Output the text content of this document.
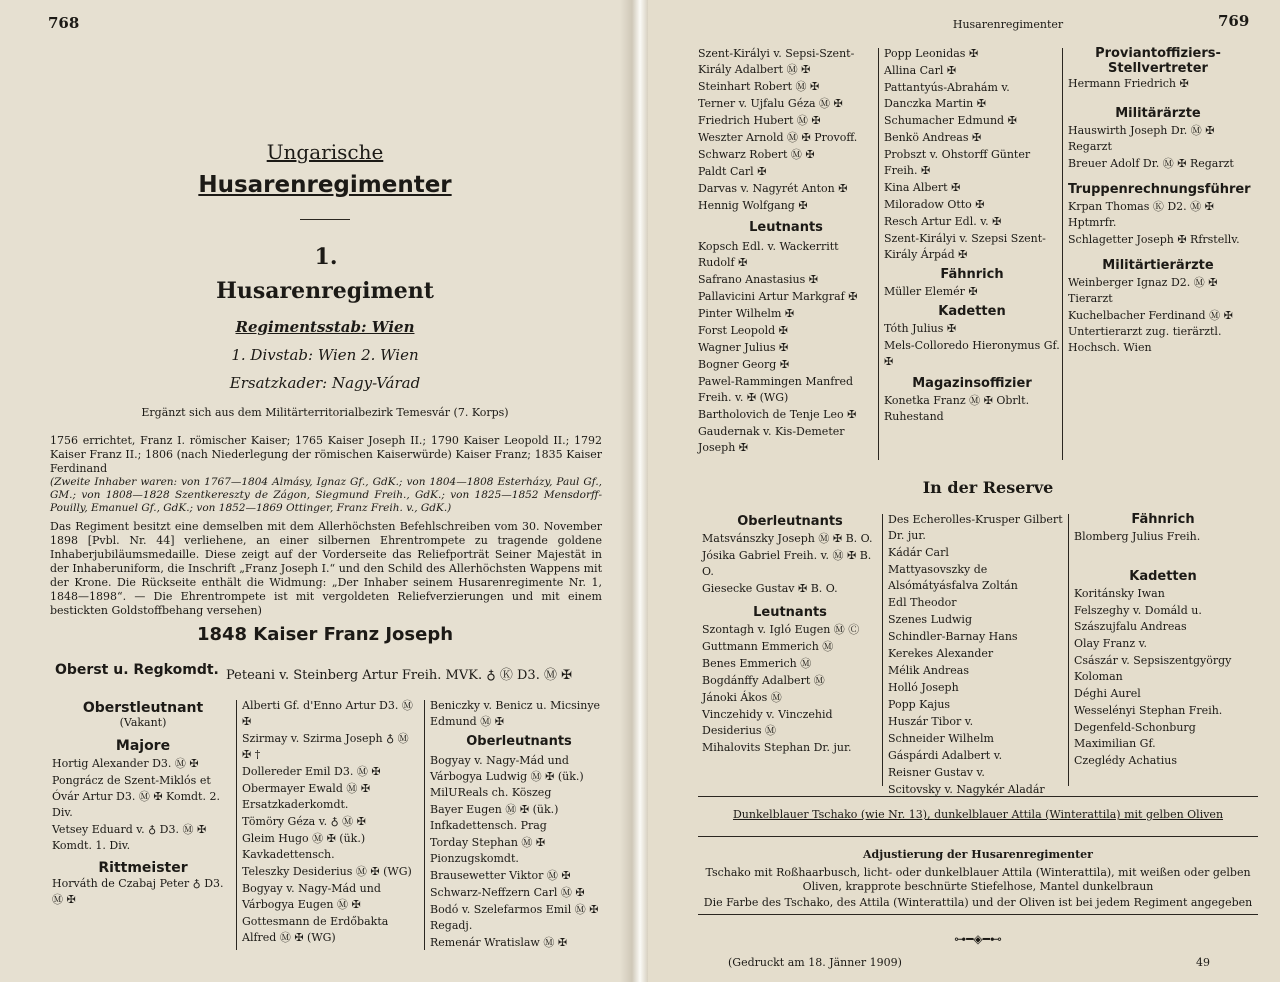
768
Ungarische
Husarenregimenter
1.
Husarenregiment
Regimentsstab: Wien
1. Divstab: Wien 2. Wien
Ersatzkader: Nagy-Várad
Ergänzt sich aus dem Militärterritorialbezirk Temesvár (7. Korps)
1756 errichtet, Franz I. römischer Kaiser; 1765 Kaiser Joseph II.; 1790 Kaiser Leopold II.; 1792 Kaiser Franz II.; 1806 (nach Niederlegung der römischen Kaiserwürde) Kaiser Franz; 1835 Kaiser Ferdinand
(Zweite Inhaber waren: von 1767—1804 Almásy, Ignaz Gf., GdK.; von 1804—1808 Esterházy, Paul Gf., GM.; von 1808—1828 Szentkereszty de Zágon, Siegmund Freih., GdK.; von 1825—1852 Mensdorff-Pouilly, Emanuel Gf., GdK.; von 1852—1869 Ottinger, Franz Freih. v., GdK.)
Das Regiment besitzt eine demselben mit dem Allerhöchsten Befehlschreiben vom 30. November 1898 [Pvbl. Nr. 44] verliehene, an einer silbernen Ehrentrompete zu tragende goldene Inhaberjubiläumsmedaille. Diese zeigt auf der Vorderseite das Reliefporträt Seiner Majestät in der Inhaberuniform, die Inschrift „Franz Joseph I.“ und den Schild des Allerhöchsten Wappens mit der Krone. Die Rückseite enthält die Widmung: „Der Inhaber seinem Husarenregimente Nr. 1, 1848—1898“. — Die Ehrentrompete ist mit vergoldeten Reliefverzierungen und mit einem bestickten Goldstoffbehang versehen)
1848 Kaiser Franz Joseph
Oberst u. Regkomdt. Peteani v. Steinberg Artur Freih. MVK. ♁ Ⓚ D3. Ⓜ ✠
Oberstleutnant
(Vakant)
Majore
Hortig Alexander D3. Ⓜ ✠
Pongrácz de Szent-Miklós et Óvár Artur D3. Ⓜ ✠ Komdt. 2. Div.
Vetsey Eduard v. ♁ D3. Ⓜ ✠ Komdt. 1. Div.
Rittmeister
Horváth de Czabaj Peter ♁ D3. Ⓜ ✠
Alberti Gf. d'Enno Artur D3. Ⓜ ✠
Szirmay v. Szirma Joseph ♁ Ⓜ ✠ †
Dollereder Emil D3. Ⓜ ✠
Obermayer Ewald Ⓜ ✠ Ersatzkaderkomdt.
Tömöry Géza v. ♁ Ⓜ ✠
Gleim Hugo Ⓜ ✠ (ük.) Kavkadettensch.
Teleszky Desiderius Ⓜ ✠ (WG)
Bogyay v. Nagy-Mád und Várbogya Eugen Ⓜ ✠
Gottesmann de Erdőbakta Alfred Ⓜ ✠ (WG)
Beniczky v. Benicz u. Micsinye Edmund Ⓜ ✠
Oberleutnants
Bogyay v. Nagy-Mád und Várbogya Ludwig Ⓜ ✠ (ük.) MilUReals ch. Köszeg
Bayer Eugen Ⓜ ✠ (ük.) Infkadettensch. Prag
Torday Stephan Ⓜ ✠ Pionzugskomdt.
Brausewetter Viktor Ⓜ ✠
Schwarz-Neffzern Carl Ⓜ ✠
Bodó v. Szelefarmos Emil Ⓜ ✠ Regadj.
Remenár Wratislaw Ⓜ ✠
Husarenregimenter	769
Szent-Királyi v. Sepsi-Szent-Király Adalbert Ⓜ ✠
Steinhart Robert Ⓜ ✠
Terner v. Ujfalu Géza Ⓜ ✠
Friedrich Hubert Ⓜ ✠
Weszter Arnold Ⓜ ✠ Provoff.
Schwarz Robert Ⓜ ✠
Paldt Carl ✠
Darvas v. Nagyrét Anton ✠
Hennig Wolfgang ✠
Leutnants
Kopsch Edl. v. Wackerritt Rudolf ✠
Safrano Anastasius ✠
Pallavicini Artur Markgraf ✠
Pinter Wilhelm ✠
Forst Leopold ✠
Wagner Julius ✠
Bogner Georg ✠
Pawel-Rammingen Manfred Freih. v. ✠ (WG)
Bartholovich de Tenje Leo ✠
Gaudernak v. Kis-Demeter Joseph ✠
Popp Leonidas ✠
Allina Carl ✠
Pattantyús-Abrahám v. Danczka Martin ✠
Schumacher Edmund ✠
Benkö Andreas ✠
Probszt v. Ohstorff Günter Freih. ✠
Kina Albert ✠
Miloradow Otto ✠
Resch Artur Edl. v. ✠
Szent-Királyi v. Szepsi Szent-Király Árpád ✠
Fähnrich
Müller Elemér ✠
Kadetten
Tóth Julius ✠
Mels-Colloredo Hieronymus Gf. ✠
Magazinsoffizier
Konetka Franz Ⓜ ✠ Obrlt. Ruhestand
Proviantoffiziers-Stellvertreter
Hermann Friedrich ✠
Militärärzte
Hauswirth Joseph Dr. Ⓜ ✠ Regarzt
Breuer Adolf Dr. Ⓜ ✠ Regarzt
Truppenrechnungsführer
Krpan Thomas Ⓚ D2. Ⓜ ✠ Hptmrfr.
Schlagetter Joseph ✠ Rfrstellv.
Militärtierärzte
Weinberger Ignaz D2. Ⓜ ✠ Tierarzt
Kuchelbacher Ferdinand Ⓜ ✠ Untertierarzt zug. tierärztl. Hochsch. Wien
In der Reserve
Oberleutnants
Matsvánszky Joseph Ⓜ ✠ B. O.
Jósika Gabriel Freih. v. Ⓜ ✠ B. O.
Giesecke Gustav ✠ B. O.
Leutnants
Szontagh v. Igló Eugen Ⓜ Ⓒ
Guttmann Emmerich Ⓜ
Benes Emmerich Ⓜ
Bogdánffy Adalbert Ⓜ
Jánoki Ákos Ⓜ
Vinczehidy v. Vinczehid Desiderius Ⓜ
Mihalovits Stephan Dr. jur.
Des Echerolles-Krusper Gilbert Dr. jur.
Kádár Carl
Mattyasovszky de Alsómátyásfalva Zoltán
Edl Theodor
Szenes Ludwig
Schindler-Barnay Hans
Kerekes Alexander
Mélik Andreas
Holló Joseph
Popp Kajus
Huszár Tibor v.
Schneider Wilhelm
Gáspárdi Adalbert v.
Reisner Gustav v.
Scitovsky v. Nagykér Aladár
Fähnrich
Blomberg Julius Freih.
Kadetten
Koritánsky Iwan
Felszeghy v. Domáld u. Szászujfalu Andreas
Olay Franz v.
Császár v. Sepsiszentgyörgy Koloman
Déghi Aurel
Wesselényi Stephan Freih.
Degenfeld-Schonburg Maximilian Gf.
Czeglédy Achatius
Dunkelblauer Tschako (wie Nr. 13), dunkelblauer Attila (Winterattila) mit gelben Oliven
Adjustierung der Husarenregimenter
Tschako mit Roßhaarbusch, licht- oder dunkelblauer Attila (Winterattila), mit weißen oder gelben Oliven, krapprote beschnürte Stiefelhose, Mantel dunkelbraun
Die Farbe des Tschako, des Attila (Winterattila) und der Oliven ist bei jedem Regiment angegeben
⊶━◈━⊷
(Gedruckt am 18. Jänner 1909)	49
